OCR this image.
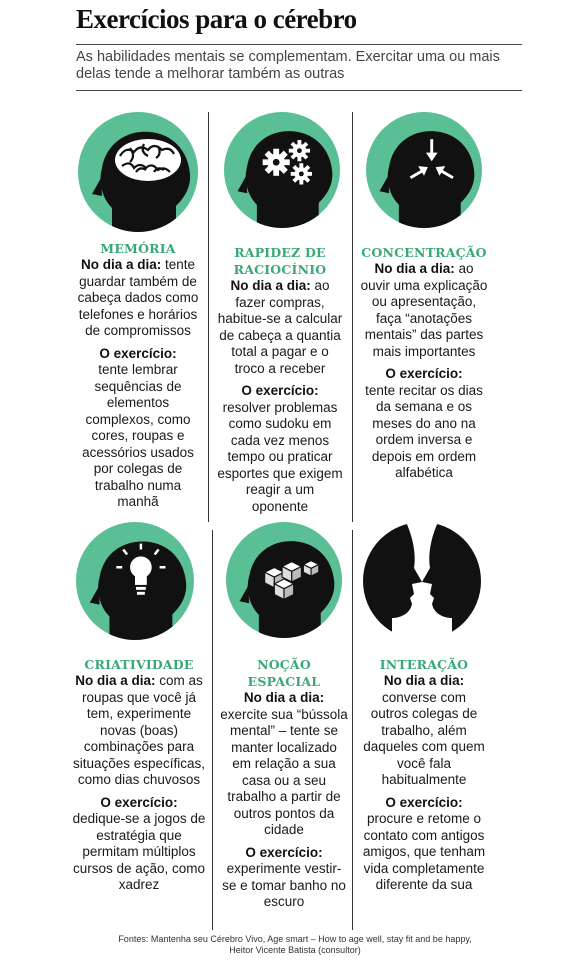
Exercícios para o cérebro
As habilidades mentais se complementam. Exercitar uma ou mais delas tende a melhorar também as outras
MEMÓRIA
No dia a dia: tente guardar também de cabeça dados como telefones e horários de compromissos
O exercício:
tente lembrar sequências de elementos complexos, como cores, roupas e acessórios usados por colegas de trabalho numa manhã
RAPIDEZ DE RACIOCÍNIO
No dia a dia: ao fazer compras, habitue-se a calcular de cabeça a quantia total a pagar e o troco a receber
O exercício:
resolver problemas como sudoku em cada vez menos tempo ou praticar esportes que exigem reagir a um oponente
CONCENTRAÇÃO
No dia a dia: ao ouvir uma explicação ou apresentação, faça “anotações mentais” das partes mais importantes
O exercício:
tente recitar os dias da semana e os meses do ano na ordem inversa e depois em ordem alfabética
CRIATIVIDADE
No dia a dia: com as roupas que você já tem, experimente novas (boas) combinações para situações específicas, como dias chuvosos
O exercício:
dedique-se a jogos de estratégia que permitam múltiplos cursos de ação, como xadrez
NOÇÃO ESPACIAL
No dia a dia: exercite sua “bússola mental” – tente se manter localizado em relação a sua casa ou a seu trabalho a partir de outros pontos da cidade
O exercício:
experimente vestir-se e tomar banho no escuro
INTERAÇÃO
No dia a dia: converse com outros colegas de trabalho, além daqueles com quem você fala habitualmente
O exercício:
procure e retome o contato com antigos amigos, que tenham vida completamente diferente da sua
Fontes: Mantenha seu Cérebro Vivo, Age smart – How to age well, stay fit and be happy,
Heitor Vicente Batista (consultor)
